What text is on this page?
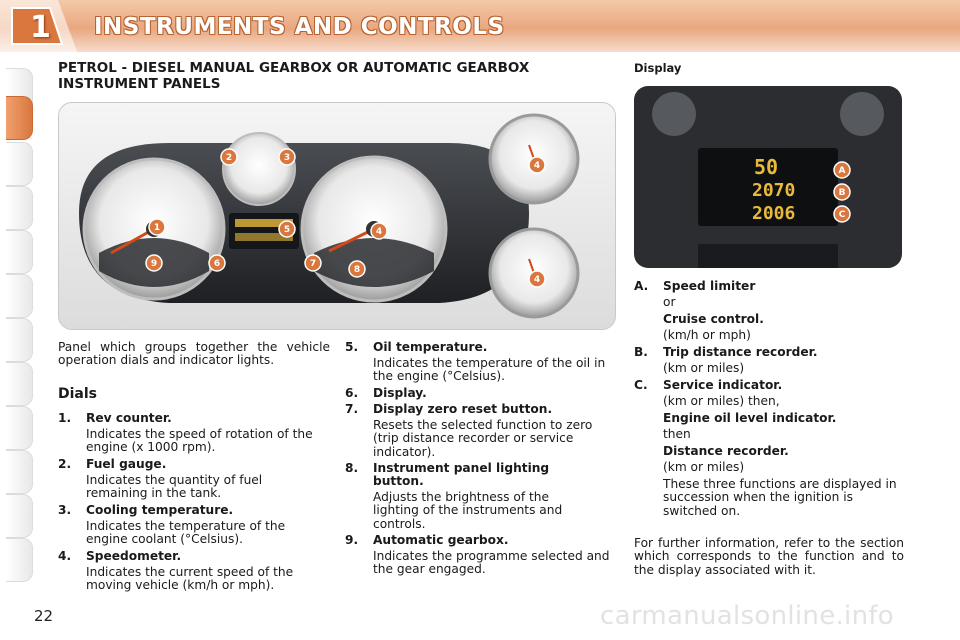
1 INSTRUMENTS AND CONTROLS
PETROL - DIESEL MANUAL GEARBOX OR AUTOMATIC GEARBOX INSTRUMENT PANELS
Display
1
2	3
4
5
6	7
8
9
4
4
50
2070
2006
A
B
C
Panel which groups together the vehicle operation dials and indicator lights.
Dials
1. Rev counter.
Indicates the speed of rotation of the engine (x 1000 rpm).
2. Fuel gauge.
Indicates the quantity of fuel remaining in the tank.
3. Cooling temperature.
Indicates the temperature of the engine coolant (°Celsius).
4. Speedometer.
Indicates the current speed of the moving vehicle (km/h or mph).
5. Oil temperature.
Indicates the temperature of the oil in the engine (°Celsius).
6. Display.
7. Display zero reset button.
Resets the selected function to zero (trip distance recorder or service indicator).
8. Instrument panel lighting button.
Adjusts the brightness of the lighting of the instruments and controls.
9. Automatic gearbox.
Indicates the programme selected and the gear engaged.
A. Speed limiter
or
Cruise control.
(km/h or mph)
B. Trip distance recorder.
(km or miles)
C. Service indicator.
(km or miles) then,
Engine oil level indicator.
then
Distance recorder.
(km or miles)
These three functions are displayed in succession when the ignition is switched on.
For further information, refer to the section which corresponds to the function and to the display associated with it.
22	carmanualsonline.info
